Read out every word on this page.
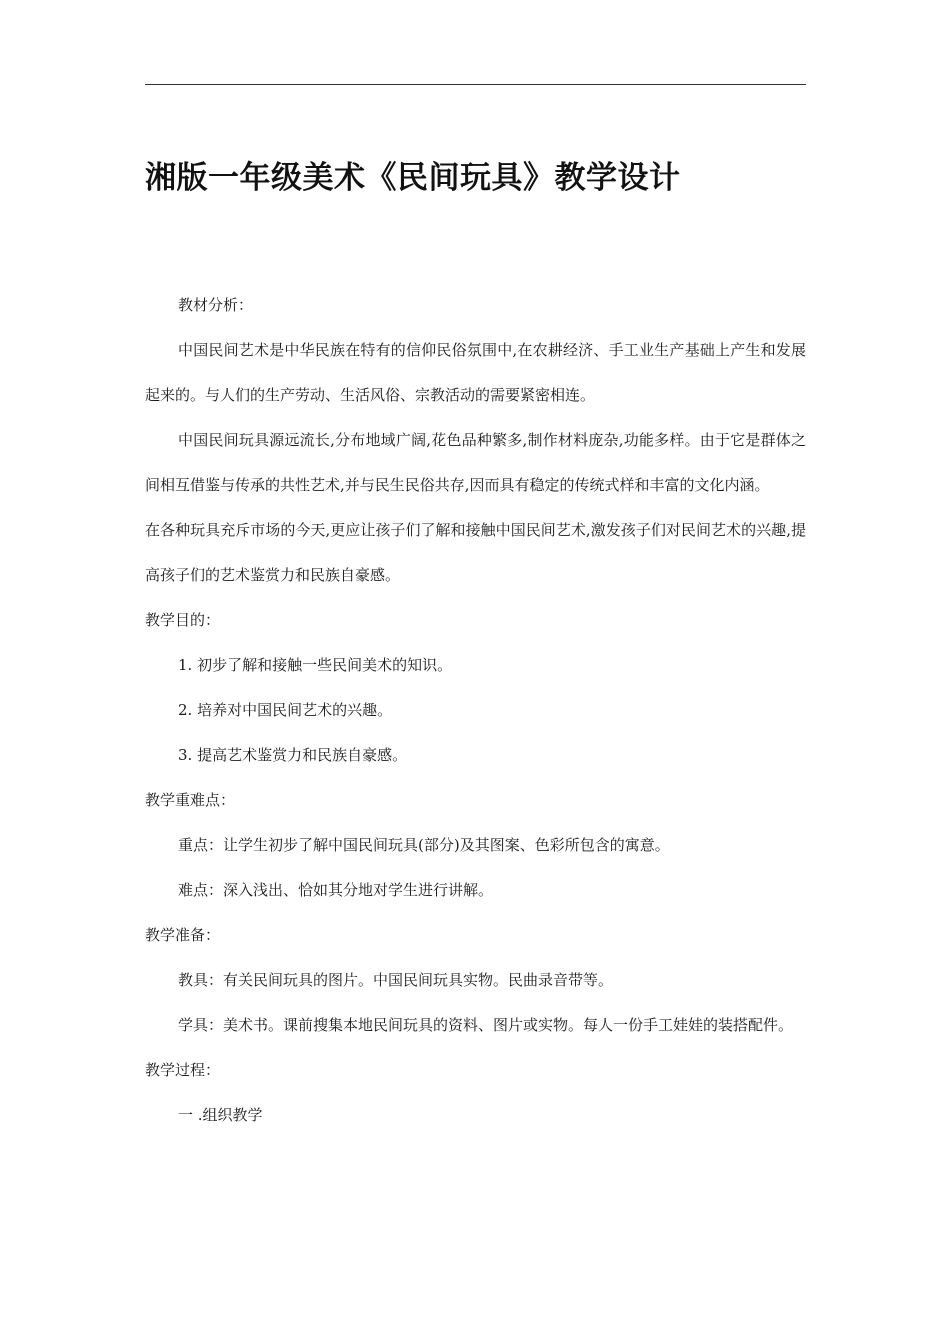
湘版一年级美术《民间玩具》教学设计

教材分析：

中国民间艺术是中华民族在特有的信仰民俗氛围中,在农耕经济、手工业生产基础上产生和发展起来的。与人们的生产劳动、生活风俗、宗教活动的需要紧密相连。

中国民间玩具源远流长,分布地域广阔,花色品种繁多,制作材料庞杂,功能多样。由于它是群体之间相互借鉴与传承的共性艺术,并与民生民俗共存,因而具有稳定的传统式样和丰富的文化内涵。

在各种玩具充斥市场的今天,更应让孩子们了解和接触中国民间艺术,激发孩子们对民间艺术的兴趣,提高孩子们的艺术鉴赏力和民族自豪感。

教学目的：

1. 初步了解和接触一些民间美术的知识。

2. 培养对中国民间艺术的兴趣。

3. 提高艺术鉴赏力和民族自豪感。

教学重难点：

重点：让学生初步了解中国民间玩具(部分)及其图案、色彩所包含的寓意。

难点：深入浅出、恰如其分地对学生进行讲解。

教学准备：

教具：有关民间玩具的图片。中国民间玩具实物。民曲录音带等。

学具：美术书。课前搜集本地民间玩具的资料、图片或实物。每人一份手工娃娃的装搭配件。

教学过程：

一 .组织教学
